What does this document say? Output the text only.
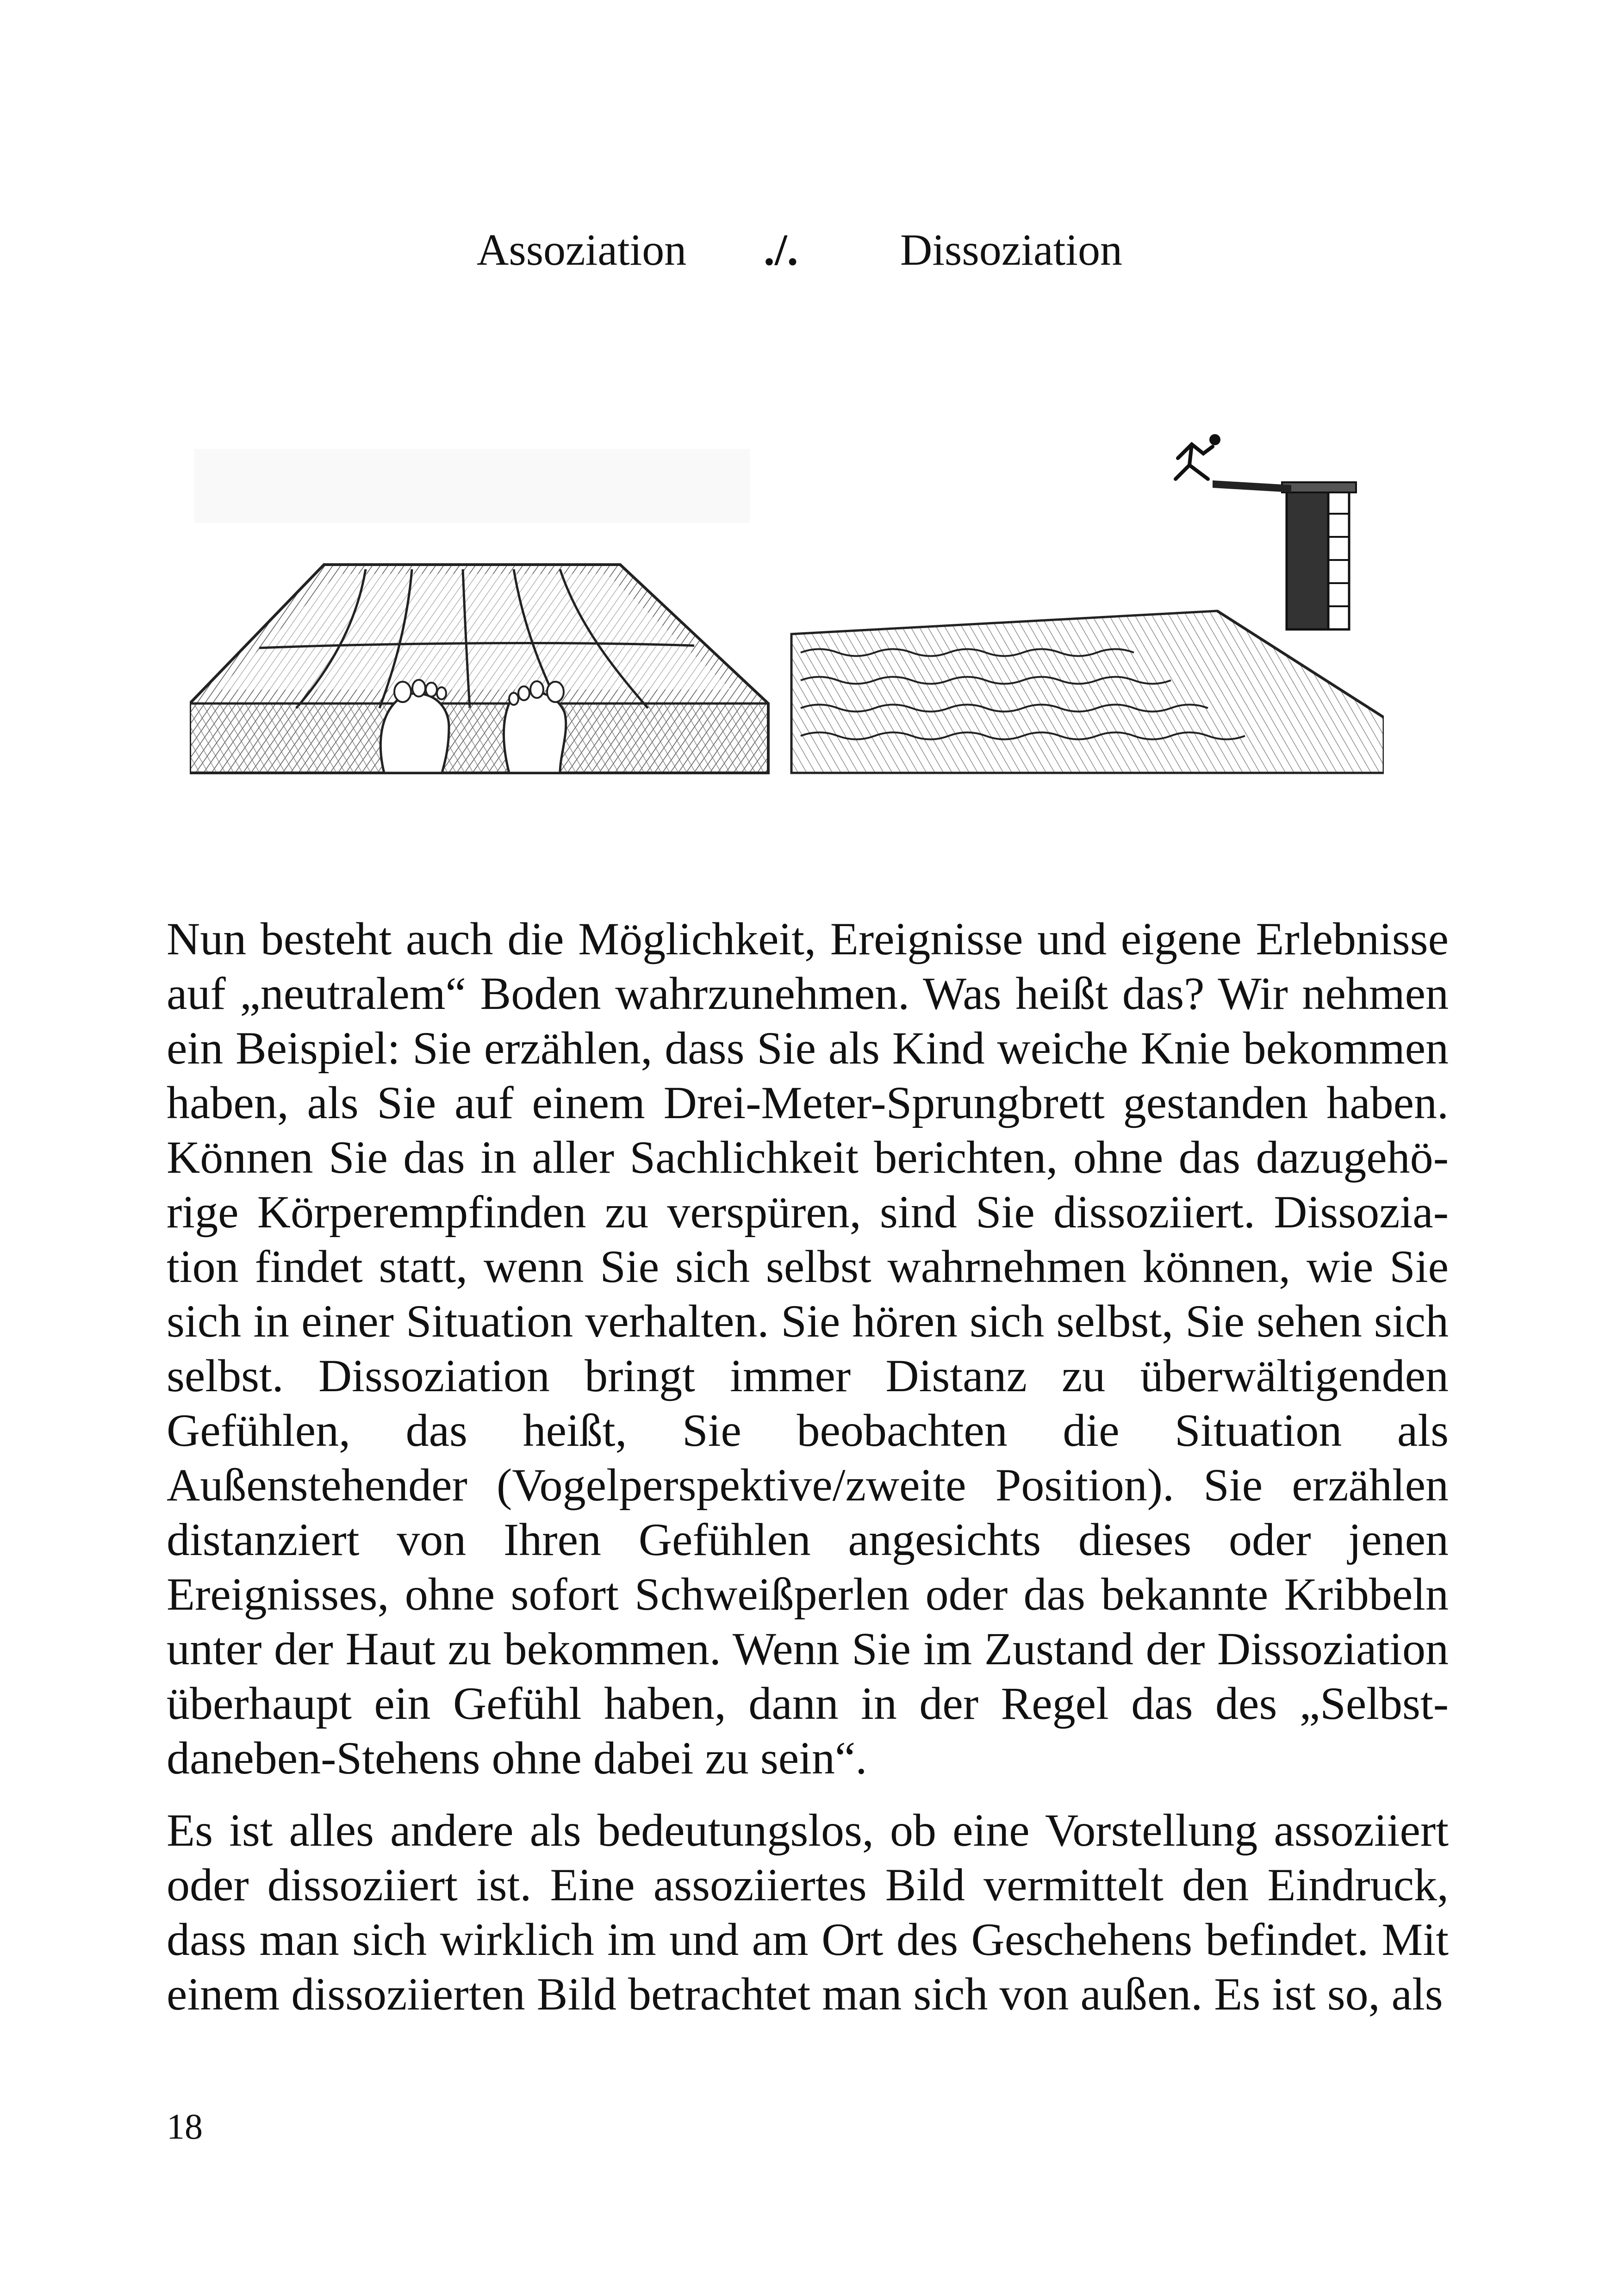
Assoziation ./. Dissoziation

Nun besteht auch die Möglichkeit, Ereignisse und eigene Erlebnisse auf „neutralem“ Boden wahrzunehmen. Was heißt das? Wir nehmen ein Beispiel: Sie erzählen, dass Sie als Kind weiche Knie bekommen haben, als Sie auf einem Drei-Meter-Sprungbrett gestanden haben. Können Sie das in aller Sachlichkeit berichten, ohne das dazugehörige Körperempfinden zu verspüren, sind Sie dissoziiert. Dissoziation findet statt, wenn Sie sich selbst wahrnehmen können, wie Sie sich in einer Situation verhalten. Sie hören sich selbst, Sie sehen sich selbst. Dissoziation bringt immer Distanz zu überwältigenden Gefühlen, das heißt, Sie beobachten die Situation als Außenstehender (Vogelperspektive/zweite Position). Sie erzählen distanziert von Ihren Gefühlen angesichts dieses oder jenen Ereignisses, ohne sofort Schweißperlen oder das bekannte Kribbeln unter der Haut zu bekommen. Wenn Sie im Zustand der Dissoziation überhaupt ein Gefühl haben, dann in der Regel das des „Selbst-daneben-Stehens ohne dabei zu sein“.

Es ist alles andere als bedeutungslos, ob eine Vorstellung assoziiert oder dissoziiert ist. Eine assoziiertes Bild vermittelt den Eindruck, dass man sich wirklich im und am Ort des Geschehens befindet. Mit einem dissoziierten Bild betrachtet man sich von außen. Es ist so, als

18
